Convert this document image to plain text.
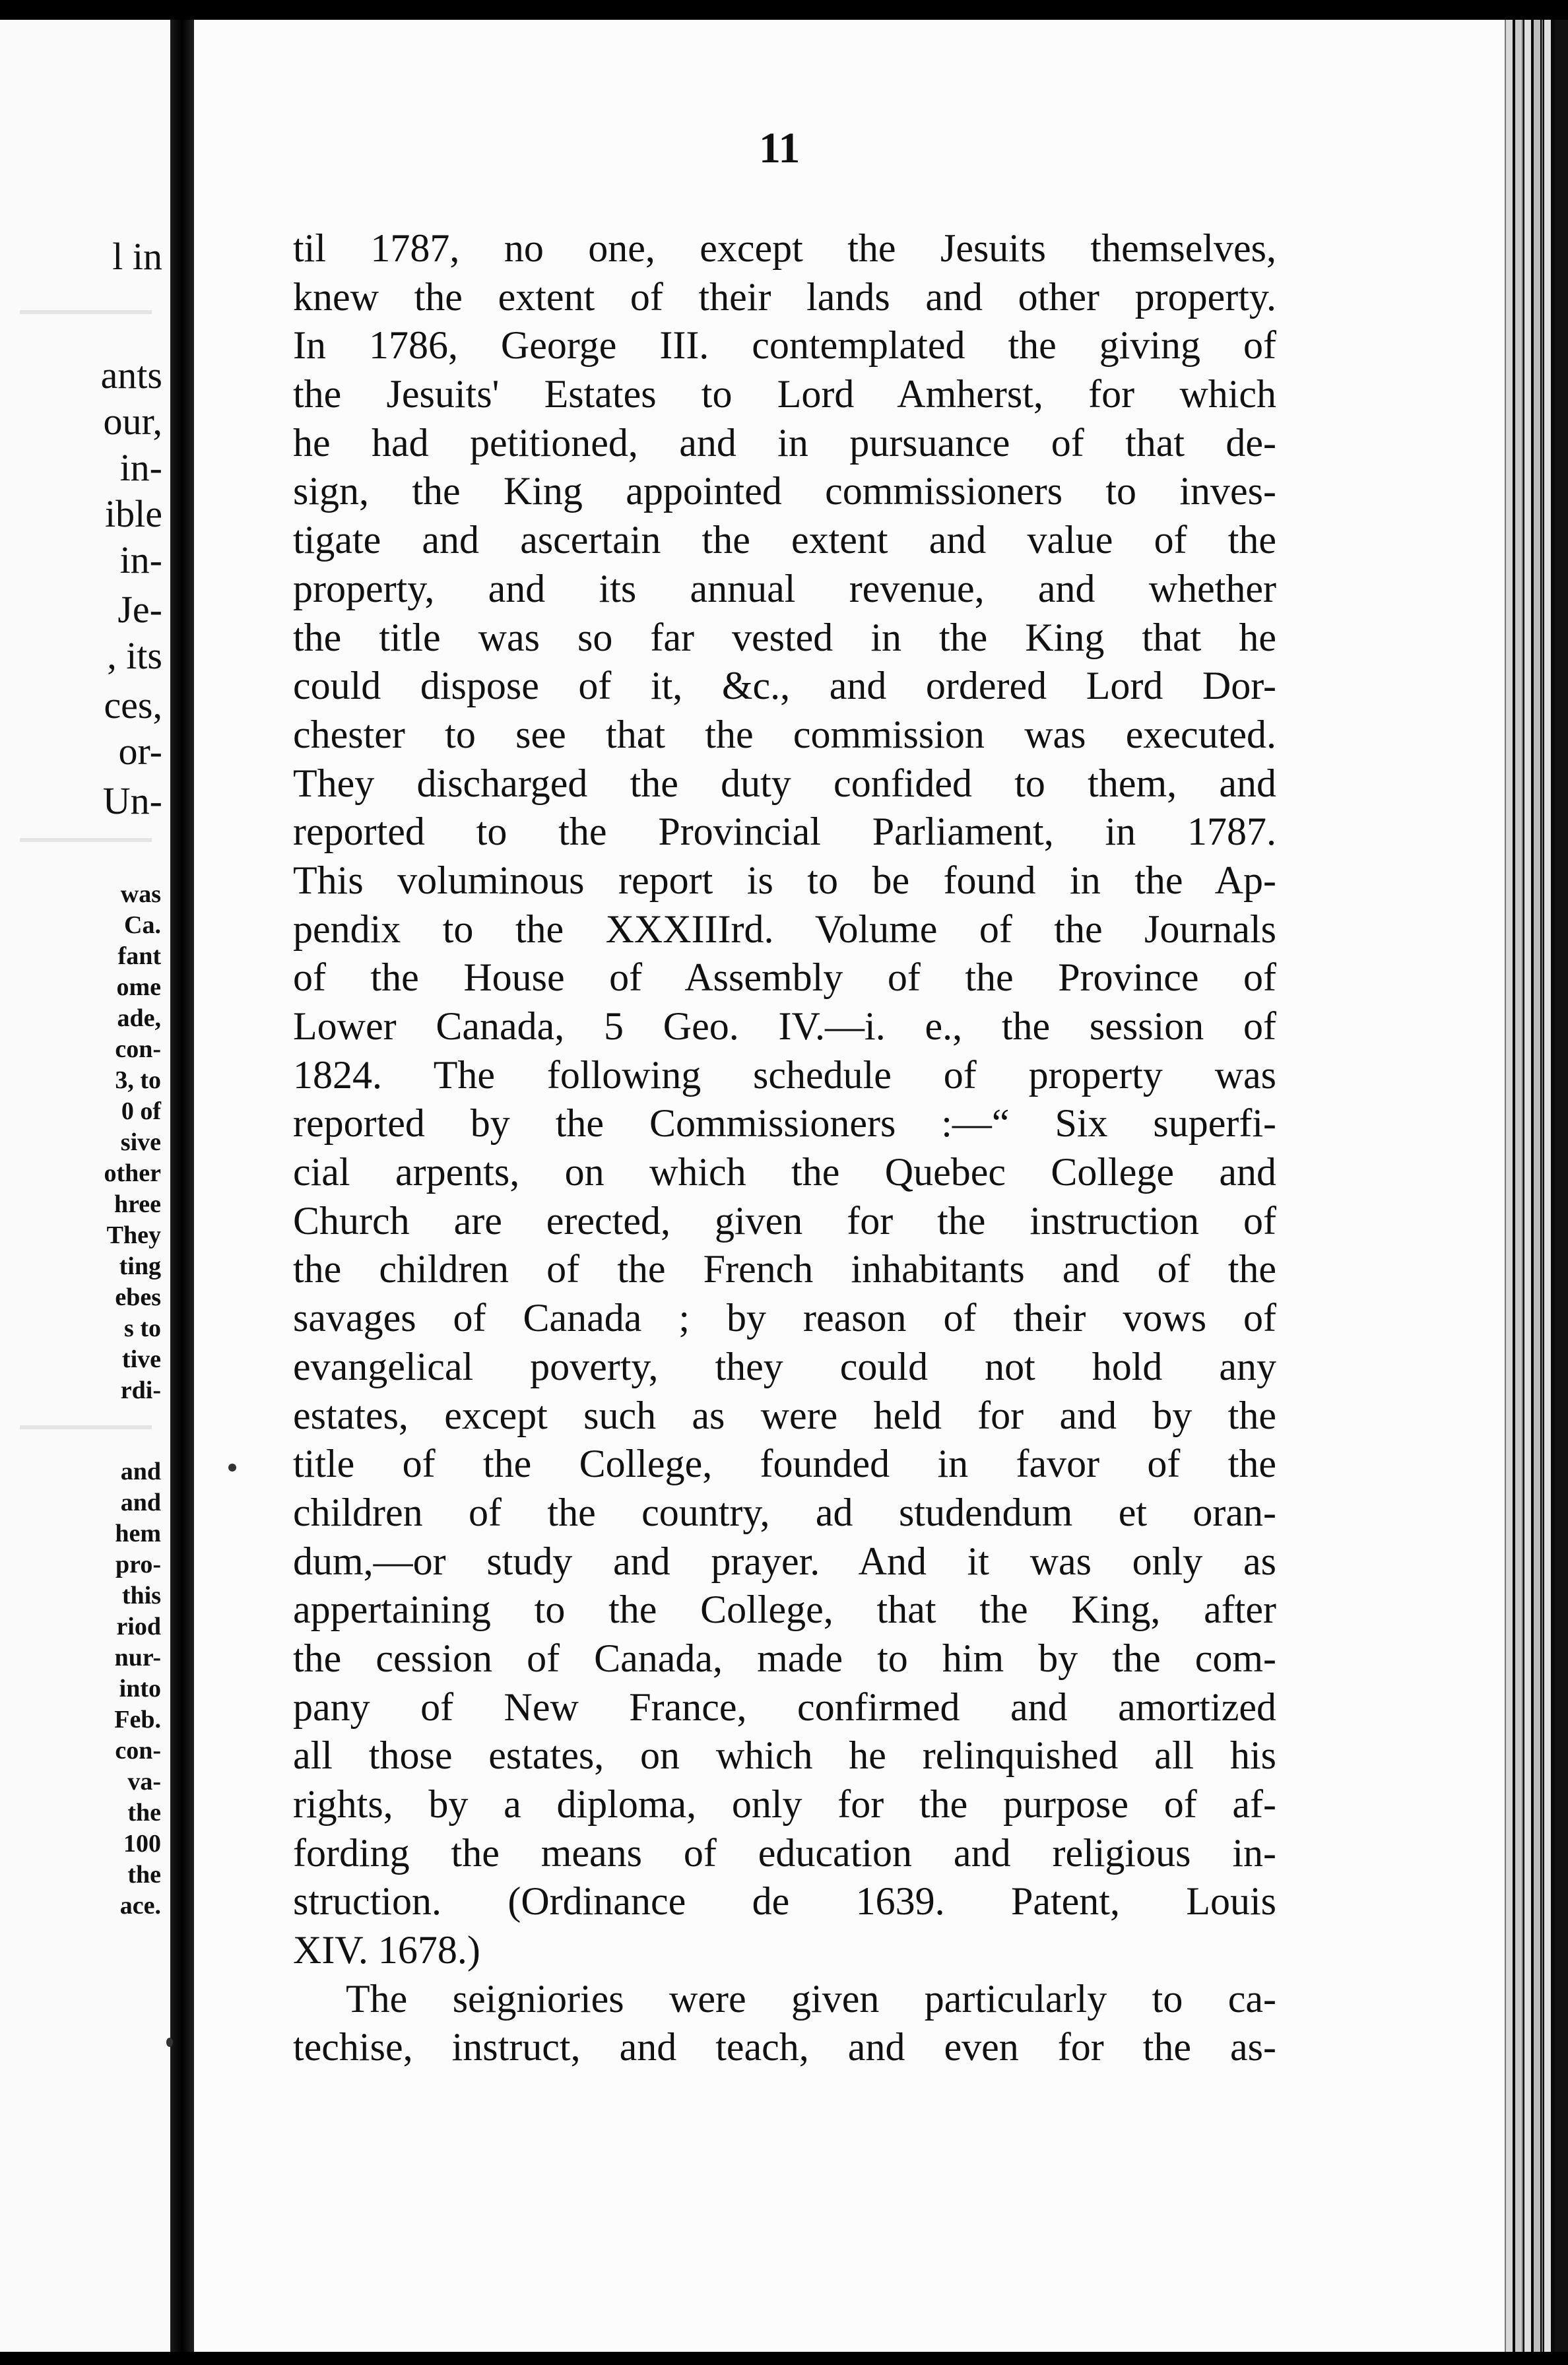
l in
ants
our,
in-
ible
in-
Je-
, its
ces,
or-
Un-
was
Ca.
fant
ome
ade,
con-
3, to
0 of
sive
other
hree
They
ting
ebes
s to
tive
rdi-
and
and
hem
pro-
this
riod
nur-
into
Feb.
con-
va-
the
100
the
ace.
11
til 1787, no one, except the Jesuits themselves,
knew the extent of their lands and other property.
In 1786, George III. contemplated the giving of
the Jesuits' Estates to Lord Amherst, for which
he had petitioned, and in pursuance of that de-
sign, the King appointed commissioners to inves-
tigate and ascertain the extent and value of the
property, and its annual revenue, and whether
the title was so far vested in the King that he
could dispose of it, &c., and ordered Lord Dor-
chester to see that the commission was executed.
They discharged the duty confided to them, and
reported to the Provincial Parliament, in 1787.
This voluminous report is to be found in the Ap-
pendix to the XXXIIIrd. Volume of the Journals
of the House of Assembly of the Province of
Lower Canada, 5 Geo. IV.—i. e., the session of
1824. The following schedule of property was
reported by the Commissioners :—“ Six superfi-
cial arpents, on which the Quebec College and
Church are erected, given for the instruction of
the children of the French inhabitants and of the
savages of Canada ; by reason of their vows of
evangelical poverty, they could not hold any
estates, except such as were held for and by the
title of the College, founded in favor of the
children of the country, ad studendum et oran-
dum,—or study and prayer. And it was only as
appertaining to the College, that the King, after
the cession of Canada, made to him by the com-
pany of New France, confirmed and amortized
all those estates, on which he relinquished all his
rights, by a diploma, only for the purpose of af-
fording the means of education and religious in-
struction. (Ordinance de 1639. Patent, Louis
XIV. 1678.)
The seigniories were given particularly to ca-
techise, instruct, and teach, and even for the as-
